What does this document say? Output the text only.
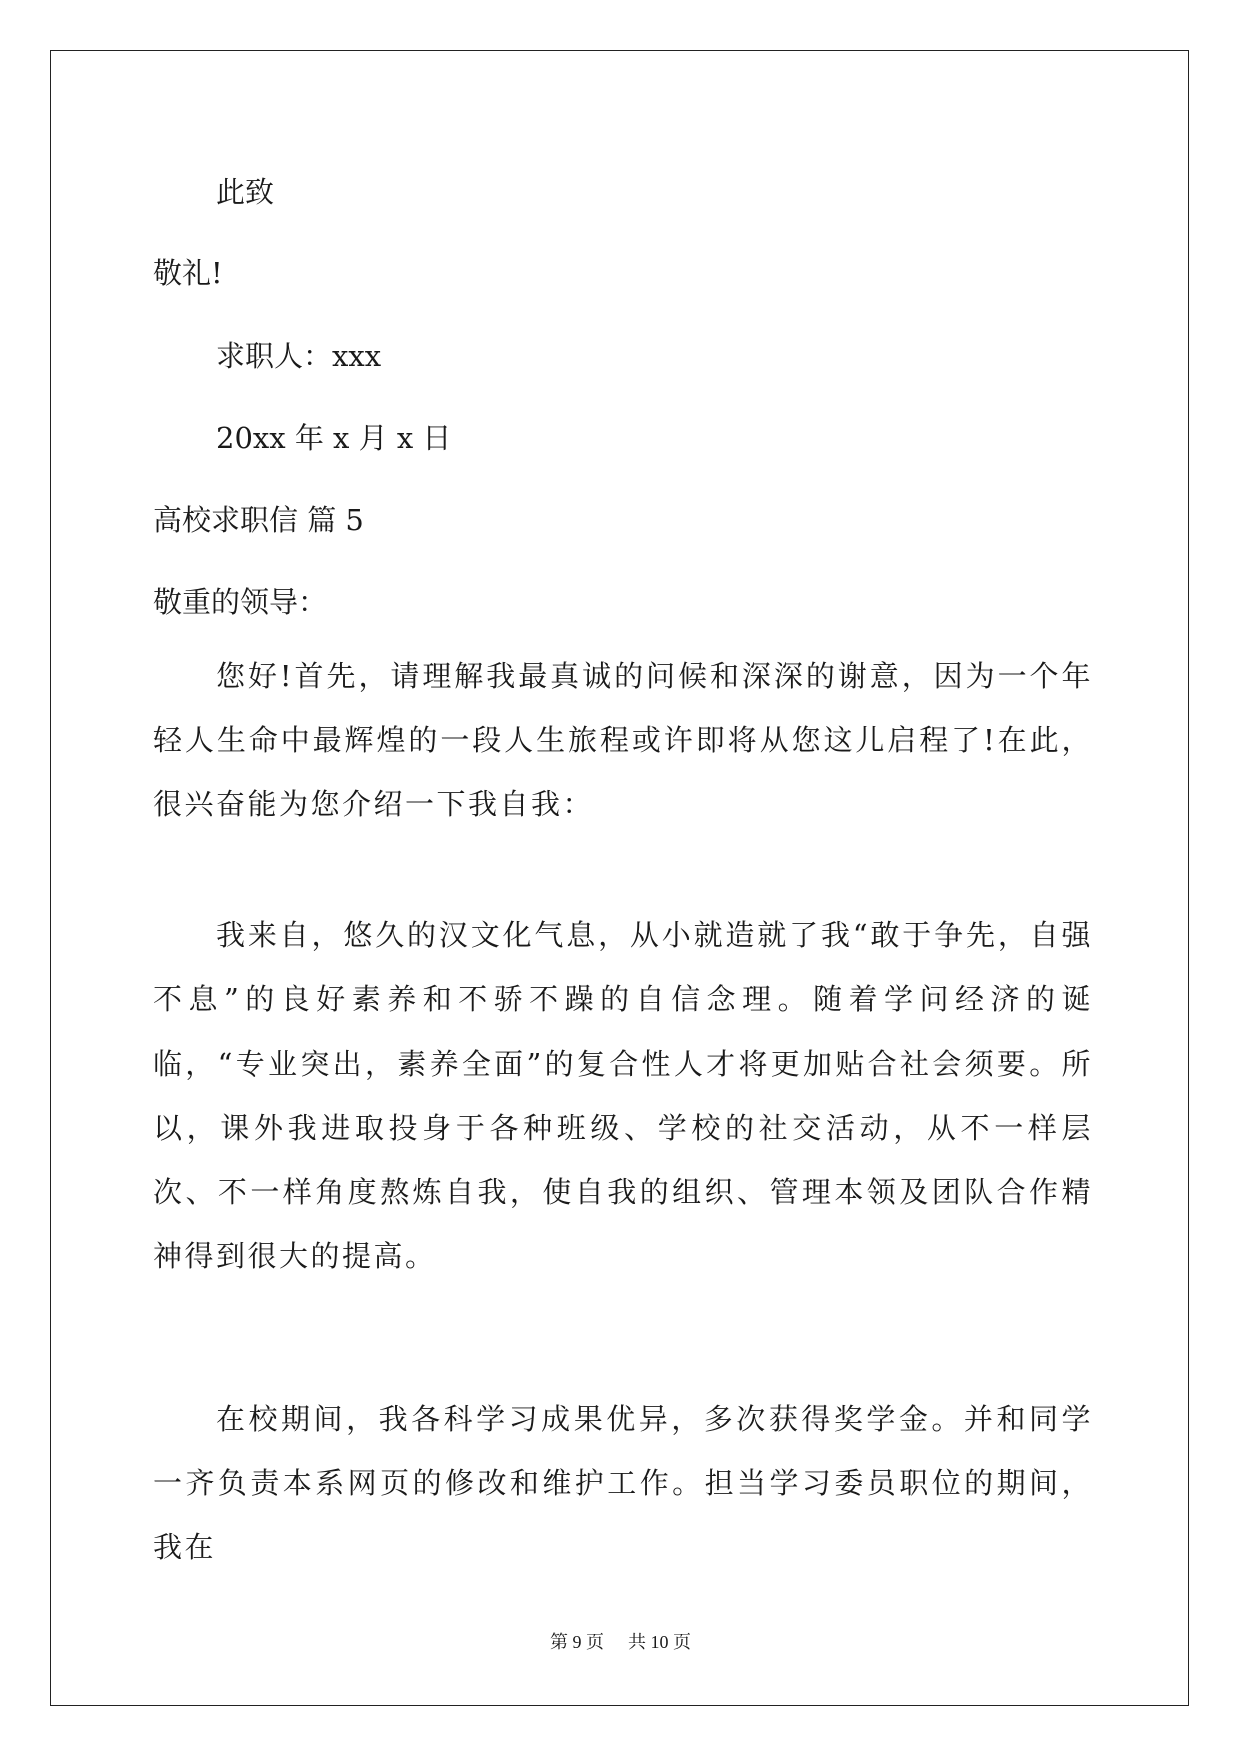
此致
敬礼!
求职人：xxx
20xx 年 x 月 x 日
高校求职信 篇 5
敬重的领导：

您好!首先，请理解我最真诚的问候和深深的谢意，因为一个年轻人生命中最辉煌的一段人生旅程或许即将从您这儿启程了!在此，很兴奋能为您介绍一下我自我：

我来自，悠久的汉文化气息，从小就造就了我“敢于争先，自强不息”的良好素养和不骄不躁的自信念理。随着学问经济的诞临，“专业突出，素养全面”的复合性人才将更加贴合社会须要。所以，课外我进取投身于各种班级、学校的社交活动，从不一样层次、不一样角度熬炼自我，使自我的组织、管理本领及团队合作精神得到很大的提高。

在校期间，我各科学习成果优异，多次获得奖学金。并和同学一齐负责本系网页的修改和维护工作。担当学习委员职位的期间，我在

第 9 页 共 10 页
